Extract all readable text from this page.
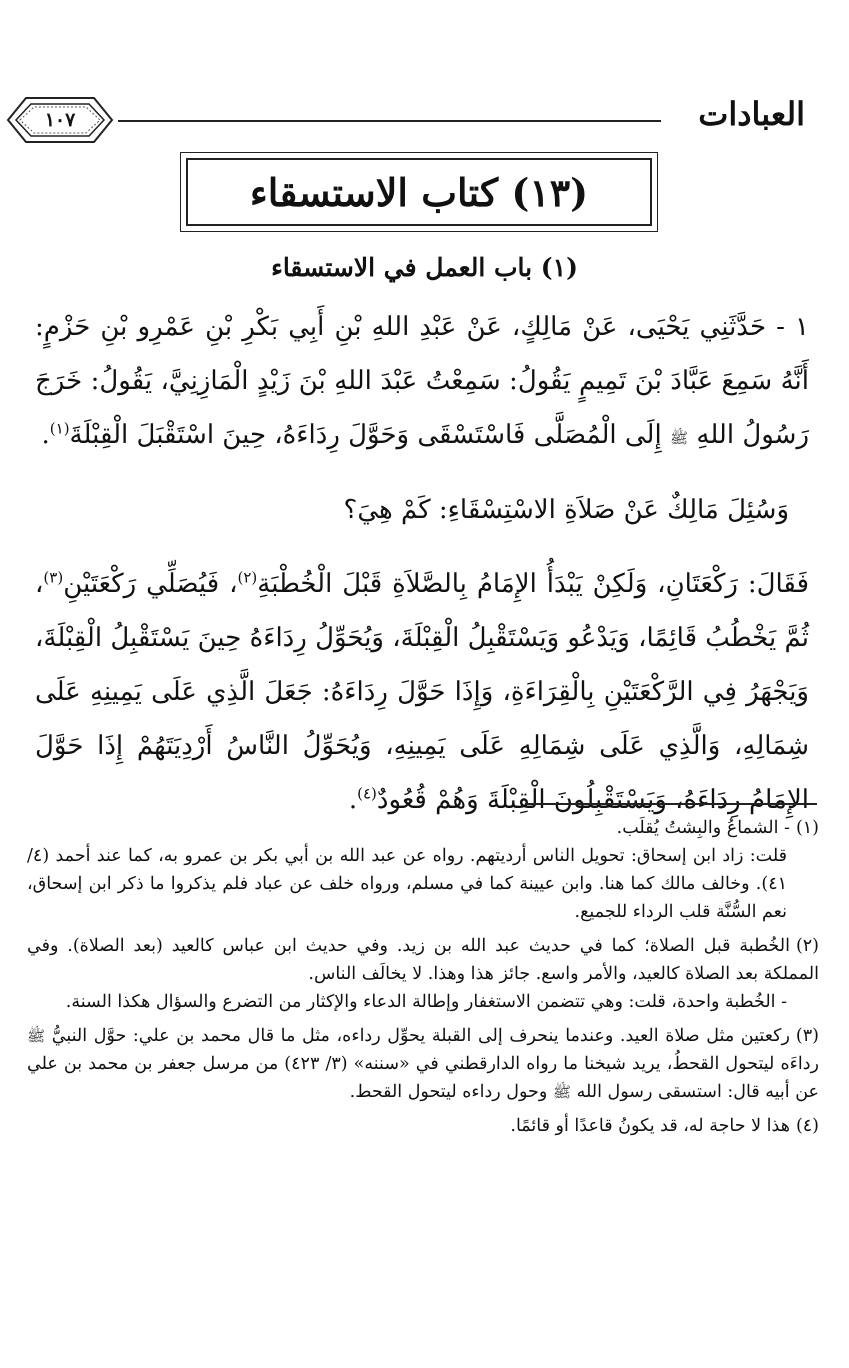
العبادات
١٠٧
(١٣) كتاب الاستسقاء
(١) باب العمل في الاستسقاء

١ - حَدَّثَنِي يَحْيَى، عَنْ مَالِكٍ، عَنْ عَبْدِ اللهِ بْنِ أَبِي بَكْرِ بْنِ عَمْرِو بْنِ حَزْمٍ: أَنَّهُ سَمِعَ عَبَّادَ بْنَ تَمِيمٍ يَقُولُ: سَمِعْتُ عَبْدَ اللهِ بْنَ زَيْدٍ الْمَازِنِيَّ، يَقُولُ: خَرَجَ رَسُولُ اللهِ ﷺ إِلَى الْمُصَلَّى فَاسْتَسْقَى وَحَوَّلَ رِدَاءَهُ، حِينَ اسْتَقْبَلَ الْقِبْلَةَ$^{(١)}$.

وَسُئِلَ مَالِكٌ عَنْ صَلاَةِ الاسْتِسْقَاءِ: كَمْ هِيَ؟

فَقَالَ: رَكْعَتَانِ، وَلَكِنْ يَبْدَأُ الإِمَامُ بِالصَّلاَةِ قَبْلَ الْخُطْبَةِ$^{(٢)}$، فَيُصَلِّي رَكْعَتَيْنِ$^{(٣)}$، ثُمَّ يَخْطُبُ قَائِمًا، وَيَدْعُو وَيَسْتَقْبِلُ الْقِبْلَةَ، وَيُحَوِّلُ رِدَاءَهُ حِينَ يَسْتَقْبِلُ الْقِبْلَةَ، وَيَجْهَرُ فِي الرَّكْعَتَيْنِ بِالْقِرَاءَةِ، وَإِذَا حَوَّلَ رِدَاءَهُ: جَعَلَ الَّذِي عَلَى يَمِينِهِ عَلَى شِمَالِهِ، وَالَّذِي عَلَى شِمَالِهِ عَلَى يَمِينِهِ، وَيُحَوِّلُ النَّاسُ أَرْدِيَتَهُمْ إِذَا حَوَّلَ الإِمَامُ رِدَاءَهُ، وَيَسْتَقْبِلُونَ الْقِبْلَةَ وَهُمْ قُعُودٌ$^{(٤)}$.

(١)- الشماعُ والبِشتُ يُقلَب.

قلت: زاد ابن إسحاق: تحويل الناس أرديتهم. رواه عن عبد الله بن أبي بكر بن عمرو به، كما عند أحمد (٤/ ٤١). وخالف مالك كما هنا. وابن عيينة كما في مسلم، ورواه خلف عن عباد فلم يذكروا ما ذكر ابن إسحاق، نعم السُّنَّة قلب الرداء للجميع.

(٢)الخُطبة قبل الصلاة؛ كما في حديث عبد الله بن زيد. وفي حديث ابن عباس كالعيد (بعد الصلاة). وفي المملكة بعد الصلاة كالعيد، والأمر واسع. جائز هذا وهذا. لا يخالَف الناس.

- الخُطبة واحدة، قلت: وهي تتضمن الاستغفار وإطالة الدعاء والإكثار من التضرع والسؤال هكذا السنة.

(٣)ركعتين مثل صلاة العيد. وعندما ينحرف إلى القبلة يحوِّل رداءه، مثل ما قال محمد بن علي: حوَّل النبيُّ ﷺ رداءَه ليتحول القحطُ، يريد شيخنا ما رواه الدارقطني في «سننه» (٣/ ٤٢٣) من مرسل جعفر بن محمد بن علي عن أبيه قال: استسقى رسول الله ﷺ وحول رداءه ليتحول القحط.

(٤)هذا لا حاجة له، قد يكونُ قاعدًا أو قائمًا.
